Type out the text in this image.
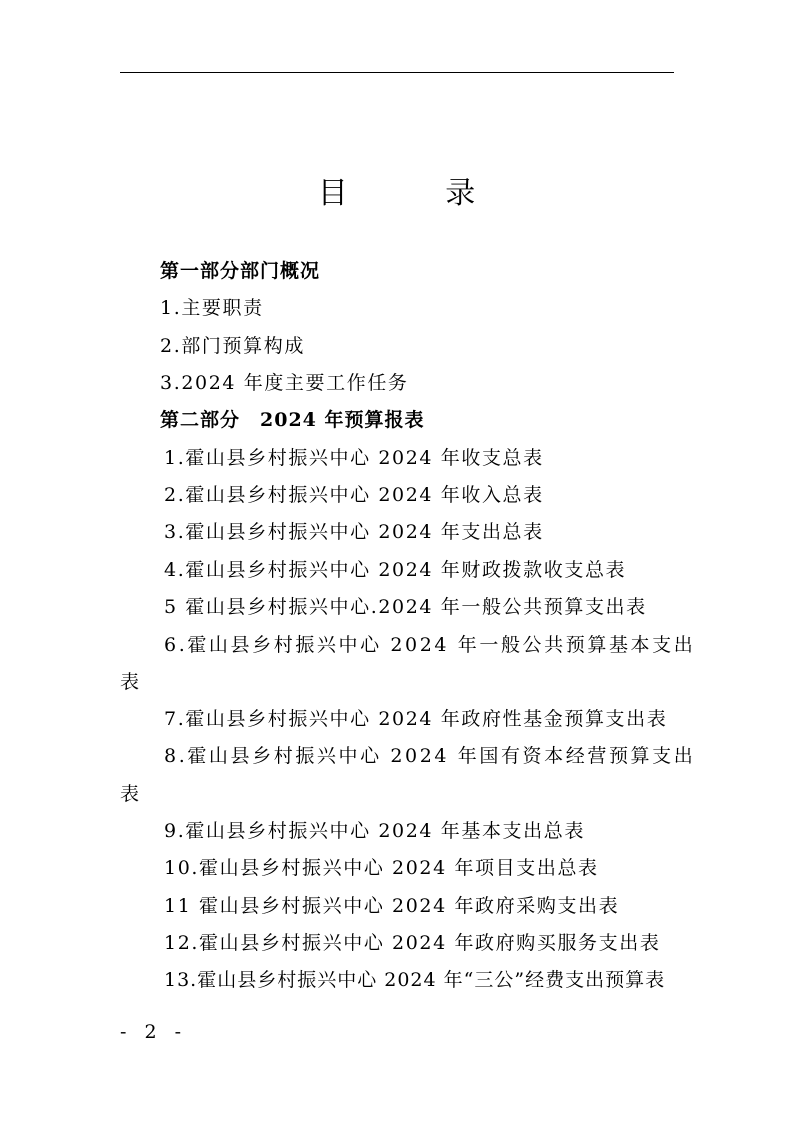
目 录
第一部分部门概况
1.主要职责
2.部门预算构成
3.2024 年度主要工作任务
第二部分　2024 年预算报表
1.霍山县乡村振兴中心 2024 年收支总表
2.霍山县乡村振兴中心 2024 年收入总表
3.霍山县乡村振兴中心 2024 年支出总表
4.霍山县乡村振兴中心 2024 年财政拨款收支总表
5 霍山县乡村振兴中心.2024 年一般公共预算支出表
6.霍山县乡村振兴中心 2024 年一般公共预算基本支出
表
7.霍山县乡村振兴中心 2024 年政府性基金预算支出表
8.霍山县乡村振兴中心 2024 年国有资本经营预算支出
表
9.霍山县乡村振兴中心 2024 年基本支出总表
10.霍山县乡村振兴中心 2024 年项目支出总表
11 霍山县乡村振兴中心 2024 年政府采购支出表
12.霍山县乡村振兴中心 2024 年政府购买服务支出表
13.霍山县乡村振兴中心 2024 年“三公”经费支出预算表
- 2 -
